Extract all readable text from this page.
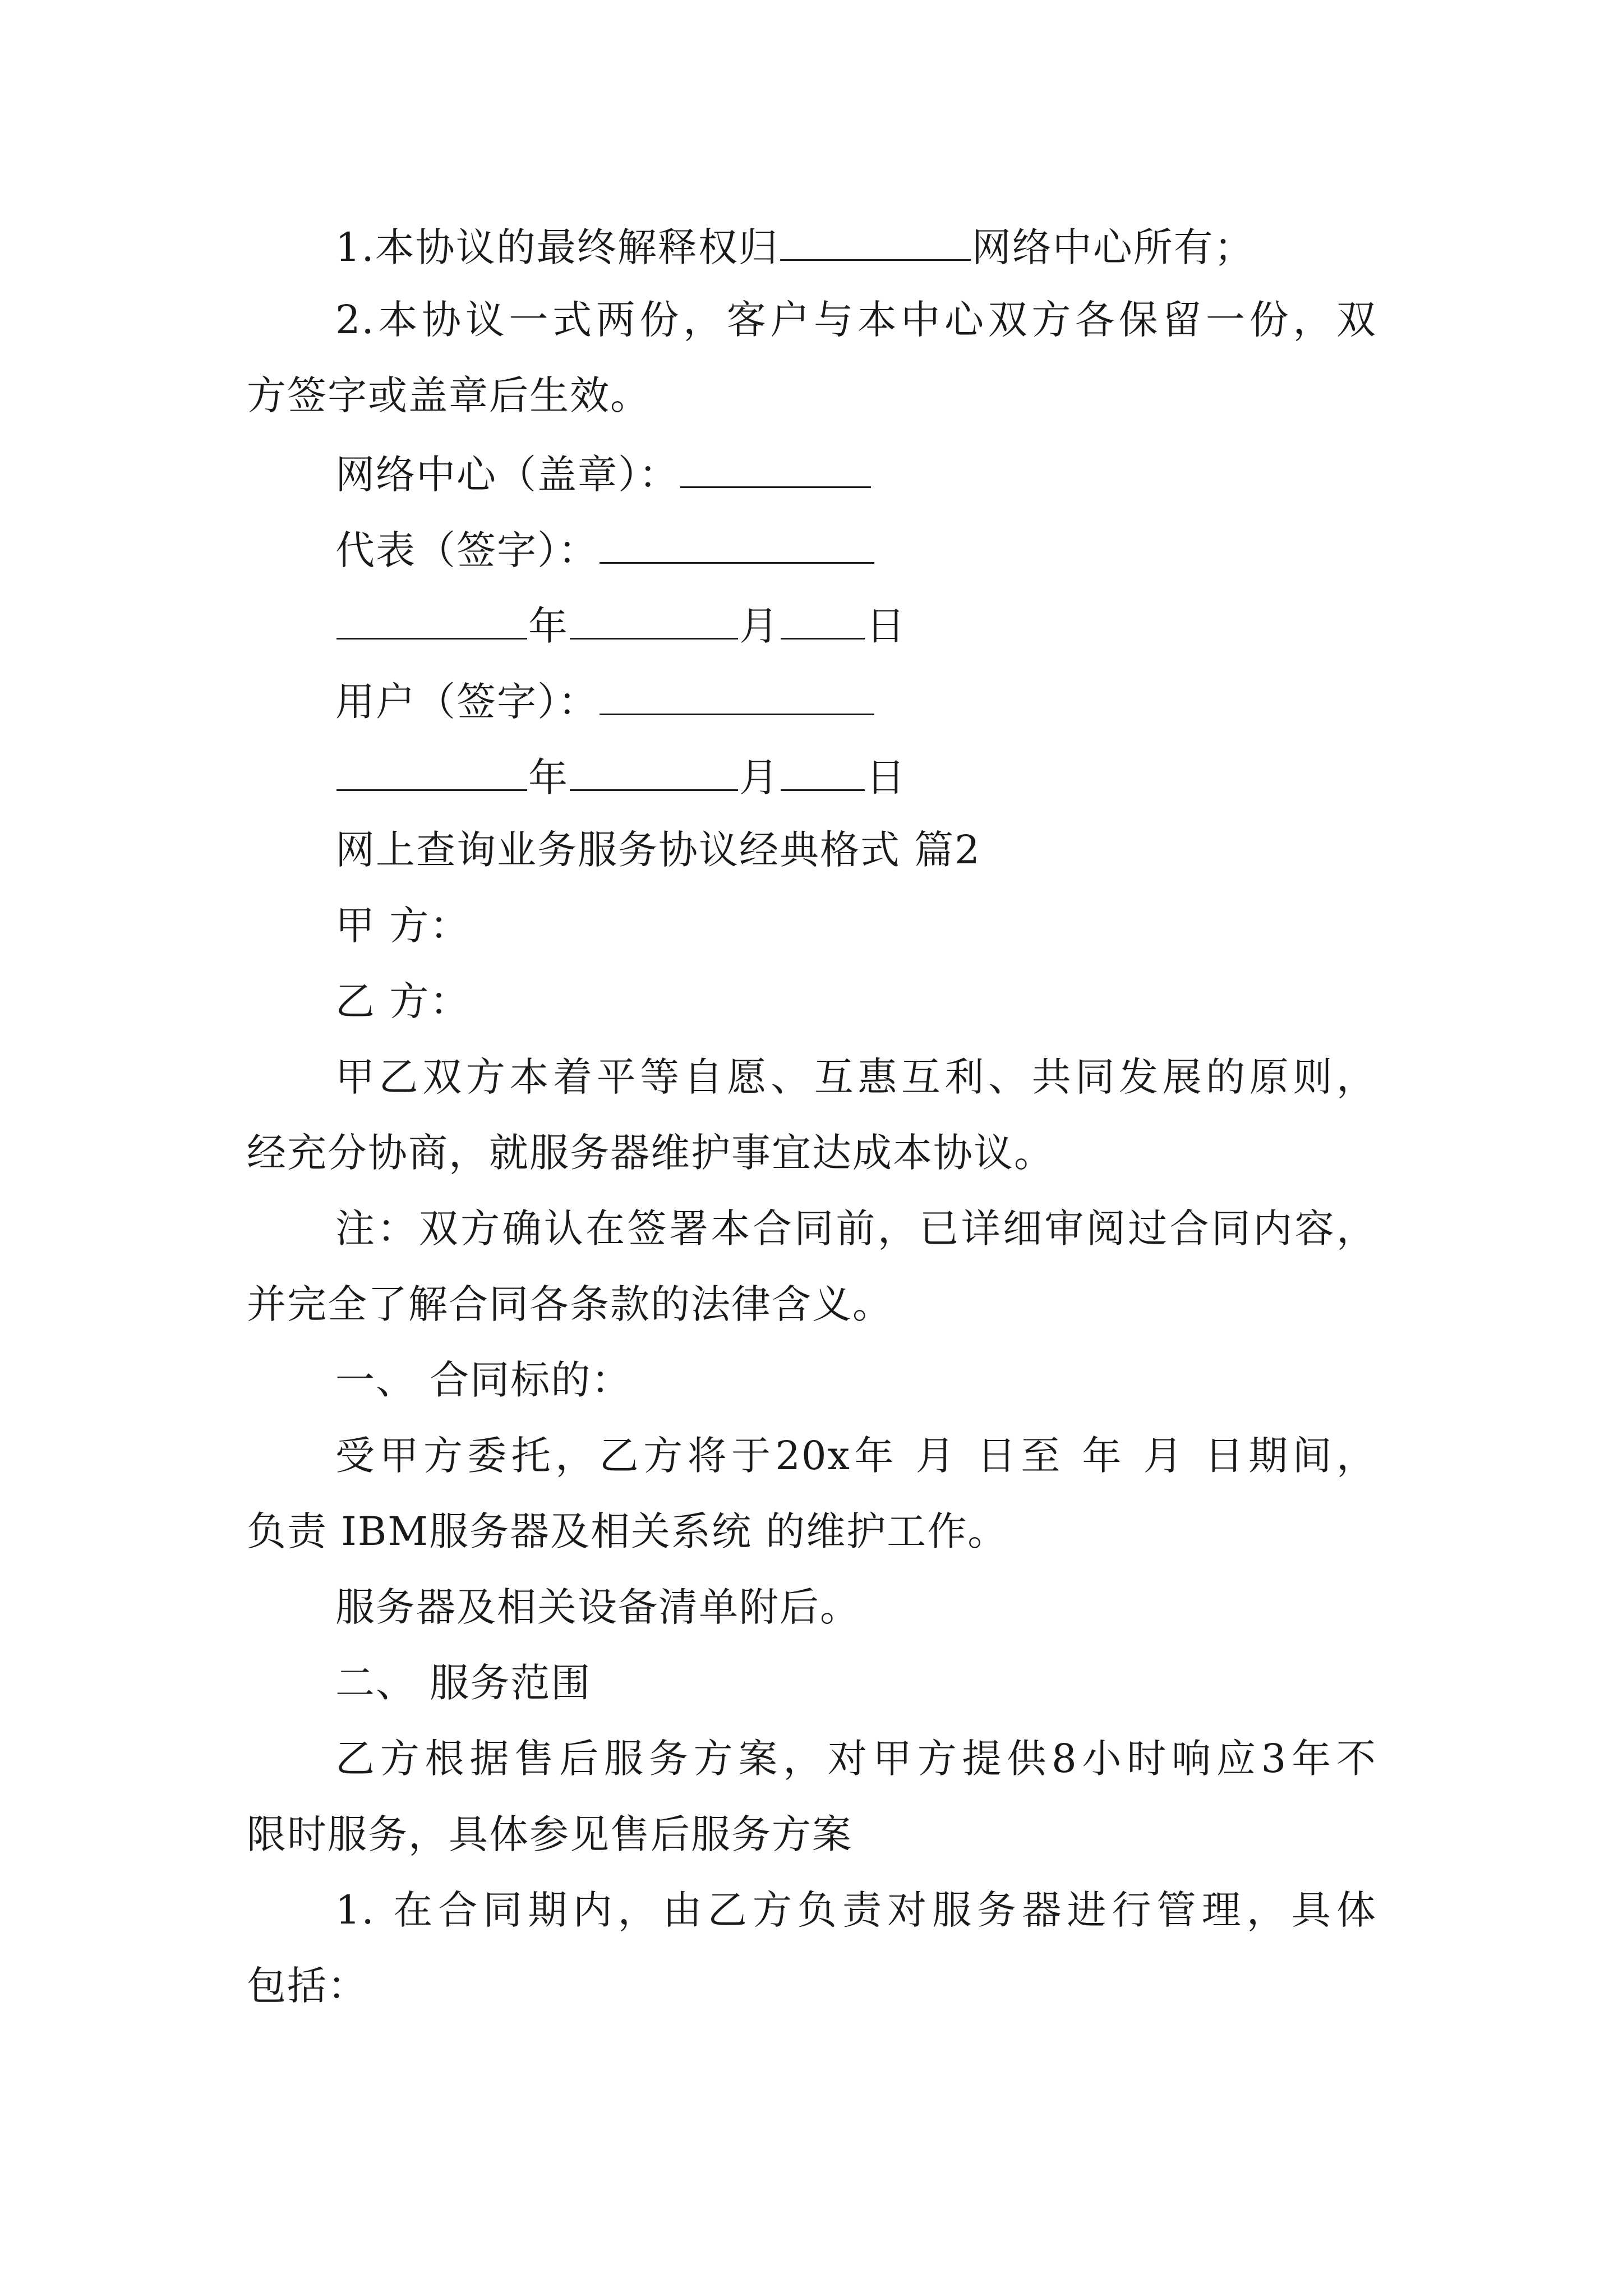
1.本协议的最终解释权归	网络中心所有；
2.本协议一式两份，客户与本中心双方各保留一份，双
方签字或盖章后生效。
网络中心（盖章）：
代表（签字）：
年	月 日
用户（签字）：
年	月 日
网上查询业务服务协议经典格式 篇2
甲 方：
乙 方：
甲乙双方本着平等自愿、互惠互利、共同发展的原则，
经充分协商，就服务器维护事宜达成本协议。
注：双方确认在签署本合同前，已详细审阅过合同内容，
并完全了解合同各条款的法律含义。
一、 合同标的：
受甲方委托，乙方将于20x年 月 日至 年 月 日期间，
负责 IBM服务器及相关系统 的维护工作。
服务器及相关设备清单附后。
二、 服务范围
乙方根据售后服务方案，对甲方提供8小时响应3年不
限时服务，具体参见售后服务方案
1. 在合同期内，由乙方负责对服务器进行管理，具体
包括：
